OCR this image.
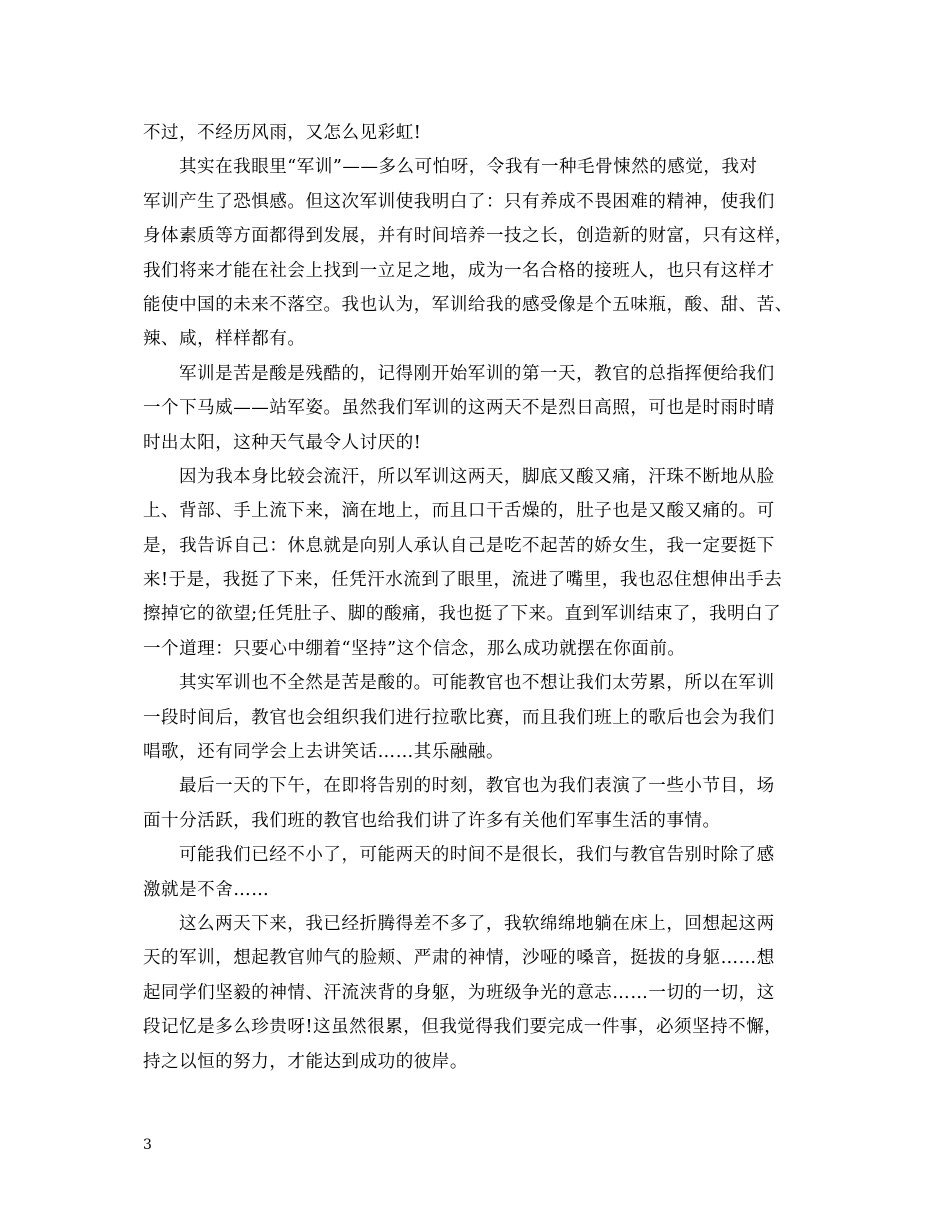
不过，不经历风雨，又怎么见彩虹!
其实在我眼里“军训”——多么可怕呀，令我有一种毛骨悚然的感觉，我对
军训产生了恐惧感。但这次军训使我明白了：只有养成不畏困难的精神，使我们
身体素质等方面都得到发展，并有时间培养一技之长，创造新的财富，只有这样，
我们将来才能在社会上找到一立足之地，成为一名合格的接班人，也只有这样才
能使中国的未来不落空。我也认为，军训给我的感受像是个五味瓶，酸、甜、苦、
辣、咸，样样都有。
军训是苦是酸是残酷的，记得刚开始军训的第一天，教官的总指挥便给我们
一个下马威——站军姿。虽然我们军训的这两天不是烈日高照，可也是时雨时晴
时出太阳，这种天气最令人讨厌的!
因为我本身比较会流汗，所以军训这两天，脚底又酸又痛，汗珠不断地从脸
上、背部、手上流下来，滴在地上，而且口干舌燥的，肚子也是又酸又痛的。可
是，我告诉自己：休息就是向别人承认自己是吃不起苦的娇女生，我一定要挺下
来!于是，我挺了下来，任凭汗水流到了眼里，流进了嘴里，我也忍住想伸出手去
擦掉它的欲望;任凭肚子、脚的酸痛，我也挺了下来。直到军训结束了，我明白了
一个道理：只要心中绷着“坚持”这个信念，那么成功就摆在你面前。
其实军训也不全然是苦是酸的。可能教官也不想让我们太劳累，所以在军训
一段时间后，教官也会组织我们进行拉歌比赛，而且我们班上的歌后也会为我们
唱歌，还有同学会上去讲笑话……其乐融融。
最后一天的下午，在即将告别的时刻，教官也为我们表演了一些小节目，场
面十分活跃，我们班的教官也给我们讲了许多有关他们军事生活的事情。
可能我们已经不小了，可能两天的时间不是很长，我们与教官告别时除了感
激就是不舍……
这么两天下来，我已经折腾得差不多了，我软绵绵地躺在床上，回想起这两
天的军训，想起教官帅气的脸颊、严肃的神情，沙哑的嗓音，挺拔的身躯……想
起同学们坚毅的神情、汗流浃背的身躯，为班级争光的意志……一切的一切，这
段记忆是多么珍贵呀!这虽然很累，但我觉得我们要完成一件事，必须坚持不懈，
持之以恒的努力，才能达到成功的彼岸。
3
